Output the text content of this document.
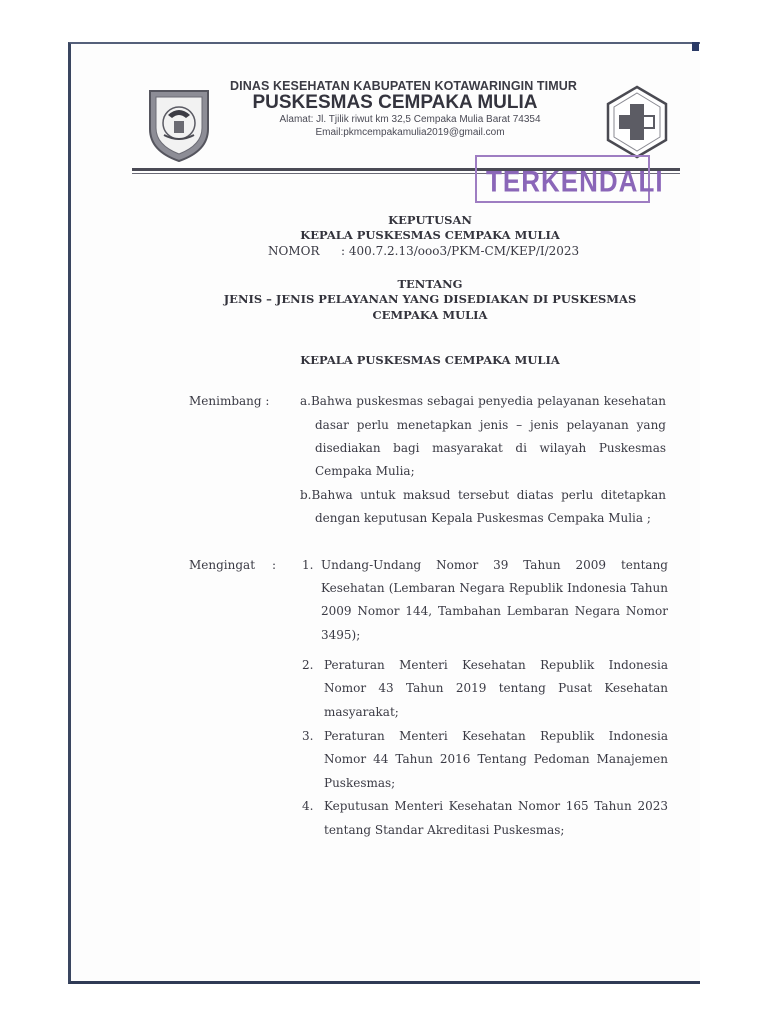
DINAS KESEHATAN KABUPATEN KOTAWARINGIN TIMUR
PUSKESMAS CEMPAKA MULIA
Alamat: Jl. Tjilik riwut km 32,5 Cempaka Mulia Barat 74354
Email:pkmcempakamulia2019@gmail.com
TERKENDALI
KEPUTUSAN
KEPALA PUSKESMAS CEMPAKA MULIA
NOMOR : 400.7.2.13/ooo3/PKM-CM/KEP/I/2023
TENTANG
JENIS – JENIS PELAYANAN YANG DISEDIAKAN DI PUSKESMAS
CEMPAKA MULIA
KEPALA PUSKESMAS CEMPAKA MULIA
Menimbang :	a.Bahwa puskesmas sebagai penyedia pelayanan kesehatan
dasar perlu menetapkan jenis – jenis pelayanan yang
disediakan bagi masyarakat di wilayah Puskesmas
Cempaka Mulia;
b.Bahwa untuk maksud tersebut diatas perlu ditetapkan
dengan keputusan Kepala Puskesmas Cempaka Mulia ;
Mengingat : 1. Undang-Undang Nomor 39 Tahun 2009 tentang
Kesehatan (Lembaran Negara Republik Indonesia Tahun
2009 Nomor 144, Tambahan Lembaran Negara Nomor
3495);
2. Peraturan Menteri Kesehatan Republik Indonesia
Nomor 43 Tahun 2019 tentang Pusat Kesehatan
masyarakat;
3. Peraturan Menteri Kesehatan Republik Indonesia
Nomor 44 Tahun 2016 Tentang Pedoman Manajemen
Puskesmas;
4. Keputusan Menteri Kesehatan Nomor 165 Tahun 2023
tentang Standar Akreditasi Puskesmas;
